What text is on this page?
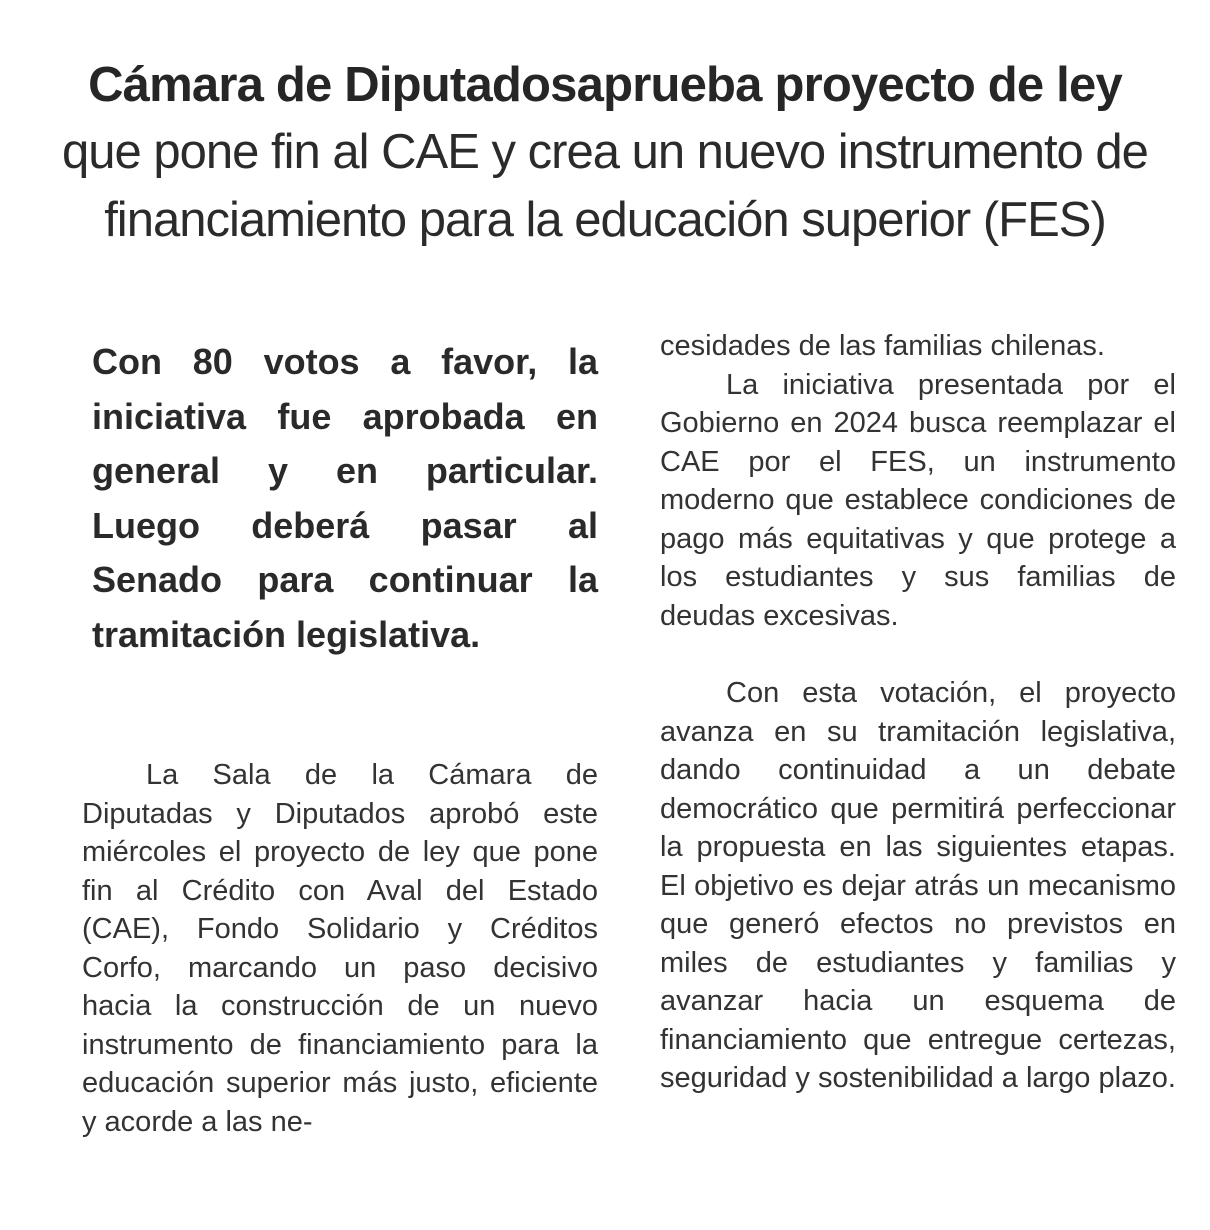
Cámara de Diputadosaprueba proyecto de ley
que pone fin al CAE y crea un nuevo instrumento de
financiamiento para la educación superior (FES)

Con 80 votos a favor, la iniciativa fue aprobada en general y en particular. Luego deberá pasar al Senado para continuar la tramitación legislativa.

La Sala de la Cámara de Diputadas y Diputados aprobó este miércoles el proyecto de ley que pone fin al Crédito con Aval del Estado (CAE), Fondo Solidario y Créditos Corfo, marcando un paso decisivo hacia la construcción de un nuevo instrumento de financiamiento para la educación superior más justo, eficiente y acorde a las ne-

cesidades de las familias chilenas.

La iniciativa presentada por el Gobierno en 2024 busca reemplazar el CAE por el FES, un instrumento moderno que establece condiciones de pago más equitativas y que protege a los estudiantes y sus familias de deudas excesivas.

Con esta votación, el proyecto avanza en su tramitación legislativa, dando continuidad a un debate democrático que permitirá perfeccionar la propuesta en las siguientes etapas. El objetivo es dejar atrás un mecanismo que generó efectos no previstos en miles de estudiantes y familias y avanzar hacia un esquema de financiamiento que entregue certezas, seguridad y sostenibilidad a largo plazo.
